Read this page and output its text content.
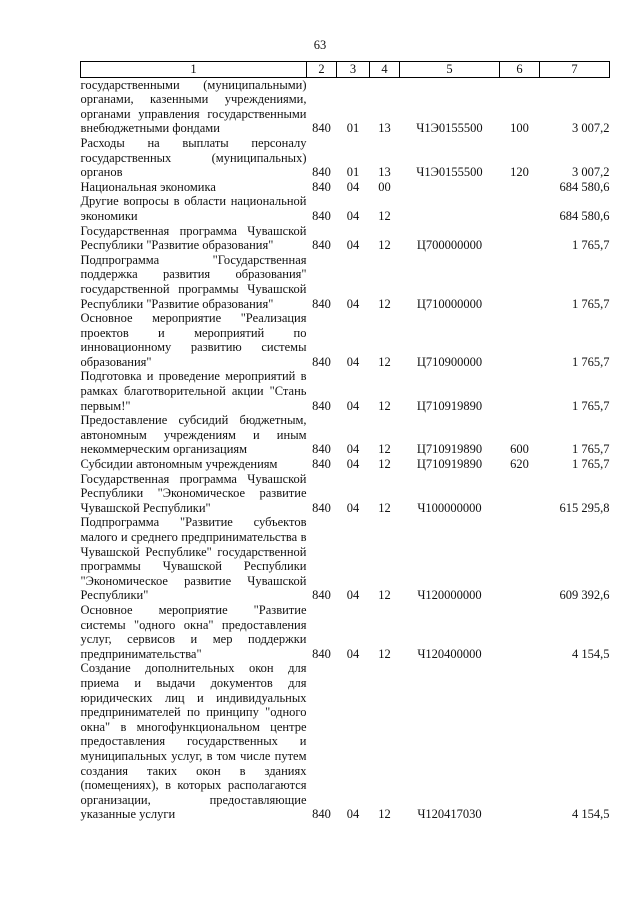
63
1	2	3	4	5	6	7
государственными (муниципальными) органами, казенными учреждениями, органами управления государственными внебюджетными фондами	840	01	13	Ч1Э0155500	100	3 007,2
Расходы на выплаты персоналу государственных (муниципальных) органов	840	01	13	Ч1Э0155500	120	3 007,2
Национальная экономика	840	04	00			684 580,6
Другие вопросы в области национальной экономики	840	04	12			684 580,6
Государственная программа Чувашской Республики "Развитие образования"	840	04	12	Ц700000000		1 765,7
Подпрограмма "Государственная поддержка развития образования" государственной программы Чувашской Республики "Развитие образования"	840	04	12	Ц710000000		1 765,7
Основное мероприятие "Реализация проектов и мероприятий по инновационному развитию системы образования"	840	04	12	Ц710900000		1 765,7
Подготовка и проведение мероприятий в рамках благотворительной акции "Стань первым!"	840	04	12	Ц710919890		1 765,7
Предоставление субсидий бюджетным, автономным учреждениям и иным некоммерческим организациям	840	04	12	Ц710919890	600	1 765,7
Субсидии автономным учреждениям	840	04	12	Ц710919890	620	1 765,7
Государственная программа Чувашской Республики "Экономическое развитие Чувашской Республики"	840	04	12	Ч100000000		615 295,8
Подпрограмма "Развитие субъектов малого и среднего предпринимательства в Чувашской Республике" государственной программы Чувашской Республики "Экономическое развитие Чувашской Республики"	840	04	12	Ч120000000		609 392,6
Основное мероприятие "Развитие системы "одного окна" предоставления услуг, сервисов и мер поддержки предпринимательства"	840	04	12	Ч120400000		4 154,5
Создание дополнительных окон для приема и выдачи документов для юридических лиц и индивидуальных предпринимателей по принципу "одного окна" в многофункциональном центре предоставления государственных и муниципальных услуг, в том числе путем создания таких окон в зданиях (помещениях), в которых располагаются организации, предоставляющие указанные услуги	840	04	12	Ч120417030		4 154,5
